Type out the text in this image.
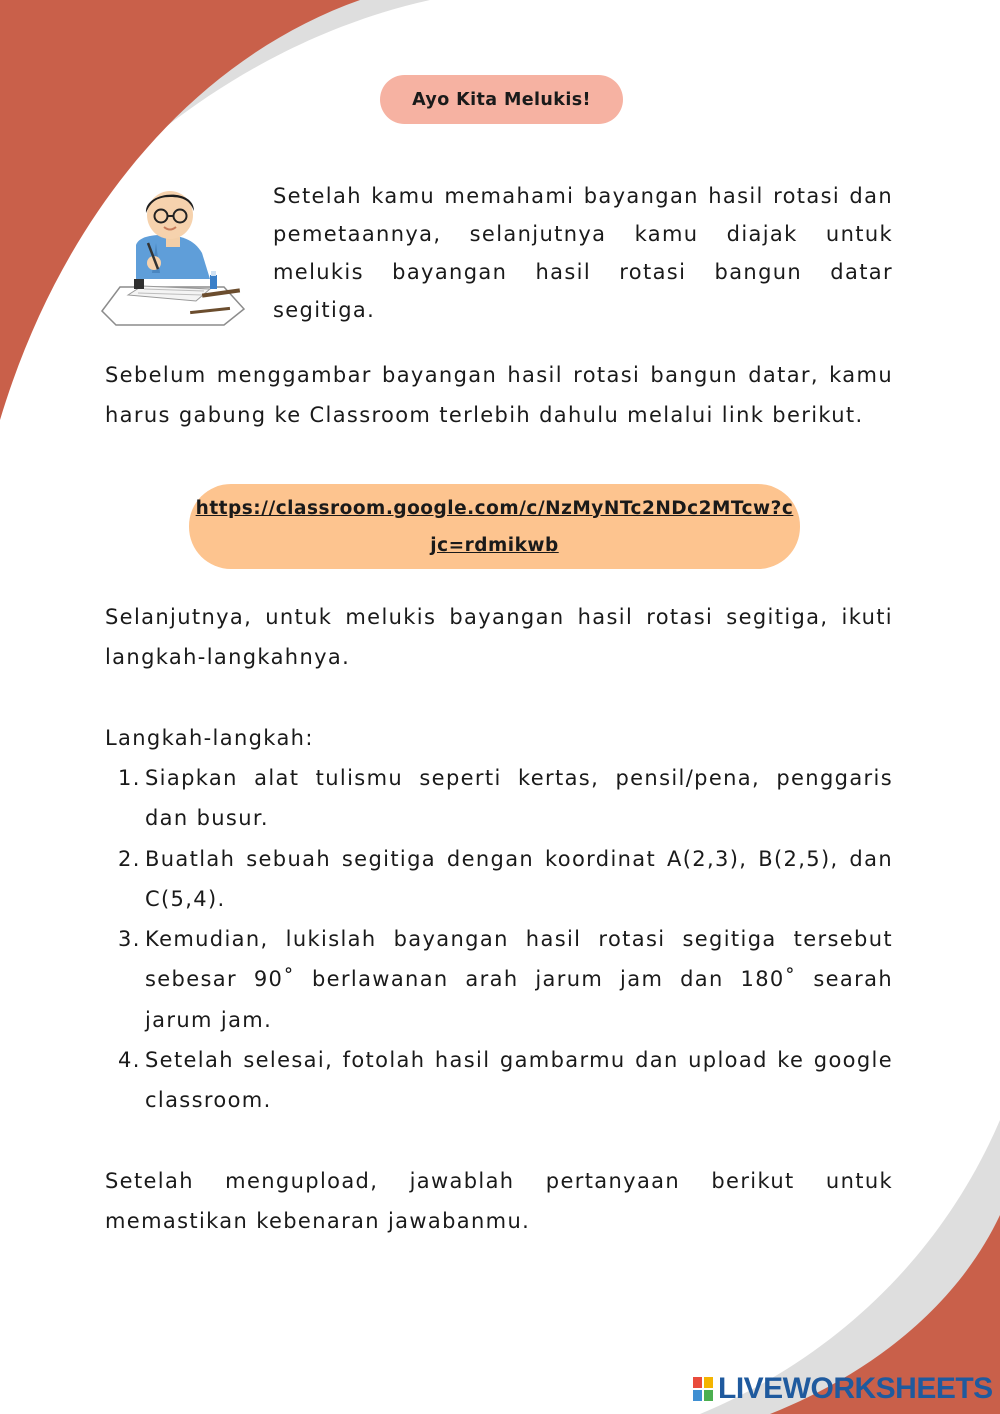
Ayo Kita Melukis!

Setelah kamu memahami bayangan hasil rotasi dan pemetaannya, selanjutnya kamu diajak untuk melukis bayangan hasil rotasi bangun datar segitiga.

Sebelum menggambar bayangan hasil rotasi bangun datar, kamu harus gabung ke Classroom terlebih dahulu melalui link berikut.

https://classroom.google.com/c/NzMyNTc2NDc2MTcw?cjc=rdmikwb

Selanjutnya, untuk melukis bayangan hasil rotasi segitiga, ikuti langkah-langkahnya.

Langkah-langkah:

1. Siapkan alat tulismu seperti kertas, pensil/pena, penggaris dan busur.
2. Buatlah sebuah segitiga dengan koordinat A(2,3), B(2,5), dan C(5,4).
3. Kemudian, lukislah bayangan hasil rotasi segitiga tersebut sebesar 90˚ berlawanan arah jarum jam dan 180˚ searah jarum jam.
4. Setelah selesai, fotolah hasil gambarmu dan upload ke google classroom.

Setelah mengupload, jawablah pertanyaan berikut untuk memastikan kebenaran jawabanmu.

LIVEWORKSHEETS
